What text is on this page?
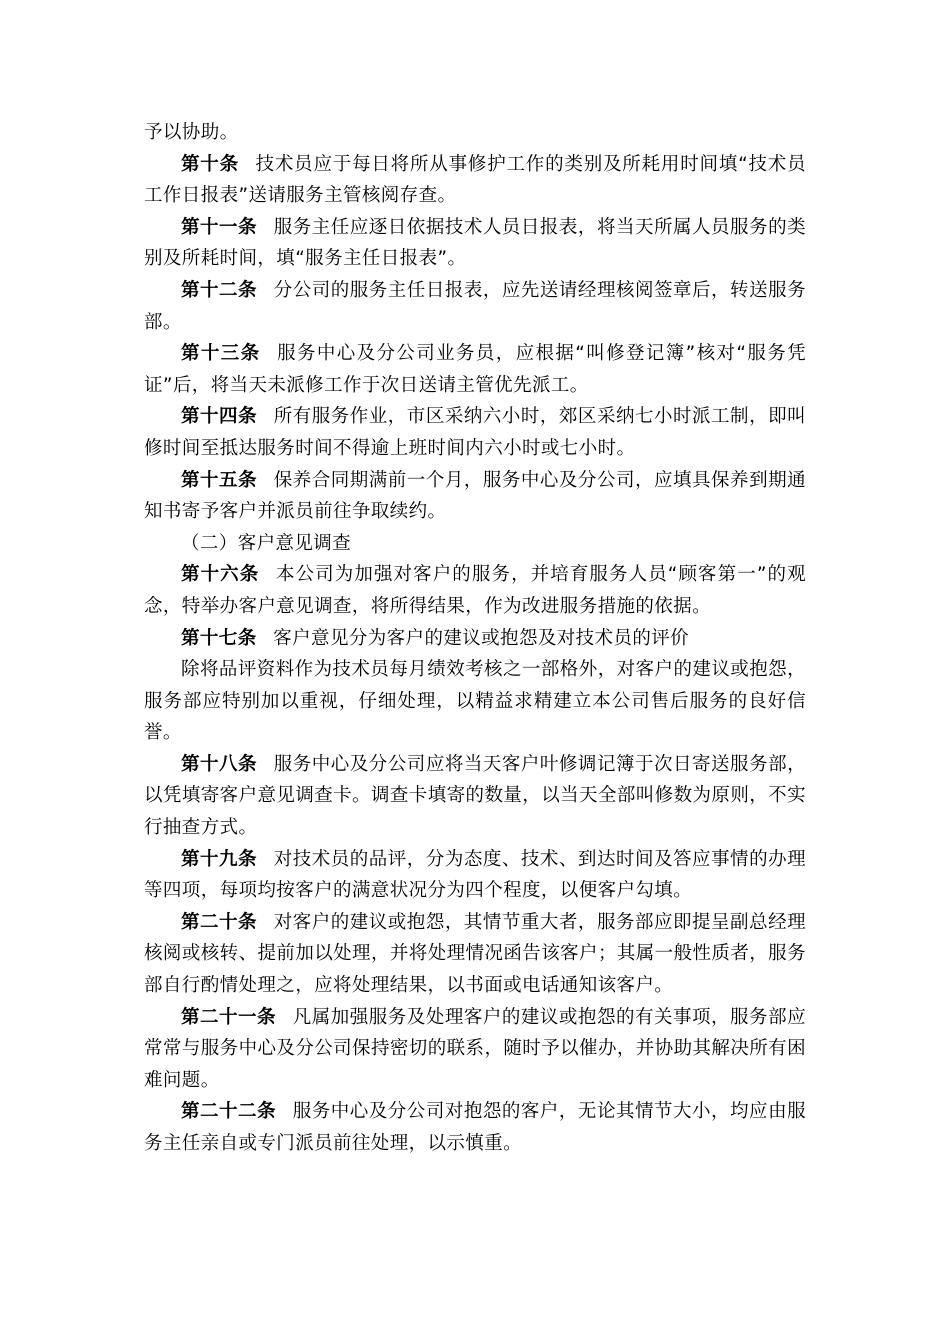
予以协助。

第十条 技术员应于每日将所从事修护工作的类别及所耗用时间填“技术员工作日报表”送请服务主管核阅存查。

第十一条 服务主任应逐日依据技术人员日报表，将当天所属人员服务的类别及所耗时间，填“服务主任日报表”。

第十二条 分公司的服务主任日报表，应先送请经理核阅签章后，转送服务部。

第十三条 服务中心及分公司业务员，应根据“叫修登记簿”核对“服务凭证”后，将当天未派修工作于次日送请主管优先派工。

第十四条 所有服务作业，市区采纳六小时，郊区采纳七小时派工制，即叫修时间至抵达服务时间不得逾上班时间内六小时或七小时。

第十五条 保养合同期满前一个月，服务中心及分公司，应填具保养到期通知书寄予客户并派员前往争取续约。

（二）客户意见调查

第十六条 本公司为加强对客户的服务，并培育服务人员“顾客第一”的观念，特举办客户意见调查，将所得结果，作为改进服务措施的依据。

第十七条 客户意见分为客户的建议或抱怨及对技术员的评价

除将品评资料作为技术员每月绩效考核之一部格外，对客户的建议或抱怨，服务部应特别加以重视，仔细处理，以精益求精建立本公司售后服务的良好信誉。

第十八条 服务中心及分公司应将当天客户叶修调记簿于次日寄送服务部，以凭填寄客户意见调查卡。调查卡填寄的数量，以当天全部叫修数为原则，不实行抽查方式。

第十九条 对技术员的品评，分为态度、技术、到达时间及答应事情的办理等四项，每项均按客户的满意状况分为四个程度，以便客户勾填。

第二十条 对客户的建议或抱怨，其情节重大者，服务部应即提呈副总经理核阅或核转、提前加以处理，并将处理情况函告该客户；其属一般性质者，服务部自行酌情处理之，应将处理结果，以书面或电话通知该客户。

第二十一条 凡属加强服务及处理客户的建议或抱怨的有关事项，服务部应常常与服务中心及分公司保持密切的联系，随时予以催办，并协助其解决所有困难问题。

第二十二条 服务中心及分公司对抱怨的客户，无论其情节大小，均应由服务主任亲自或专门派员前往处理，以示慎重。
